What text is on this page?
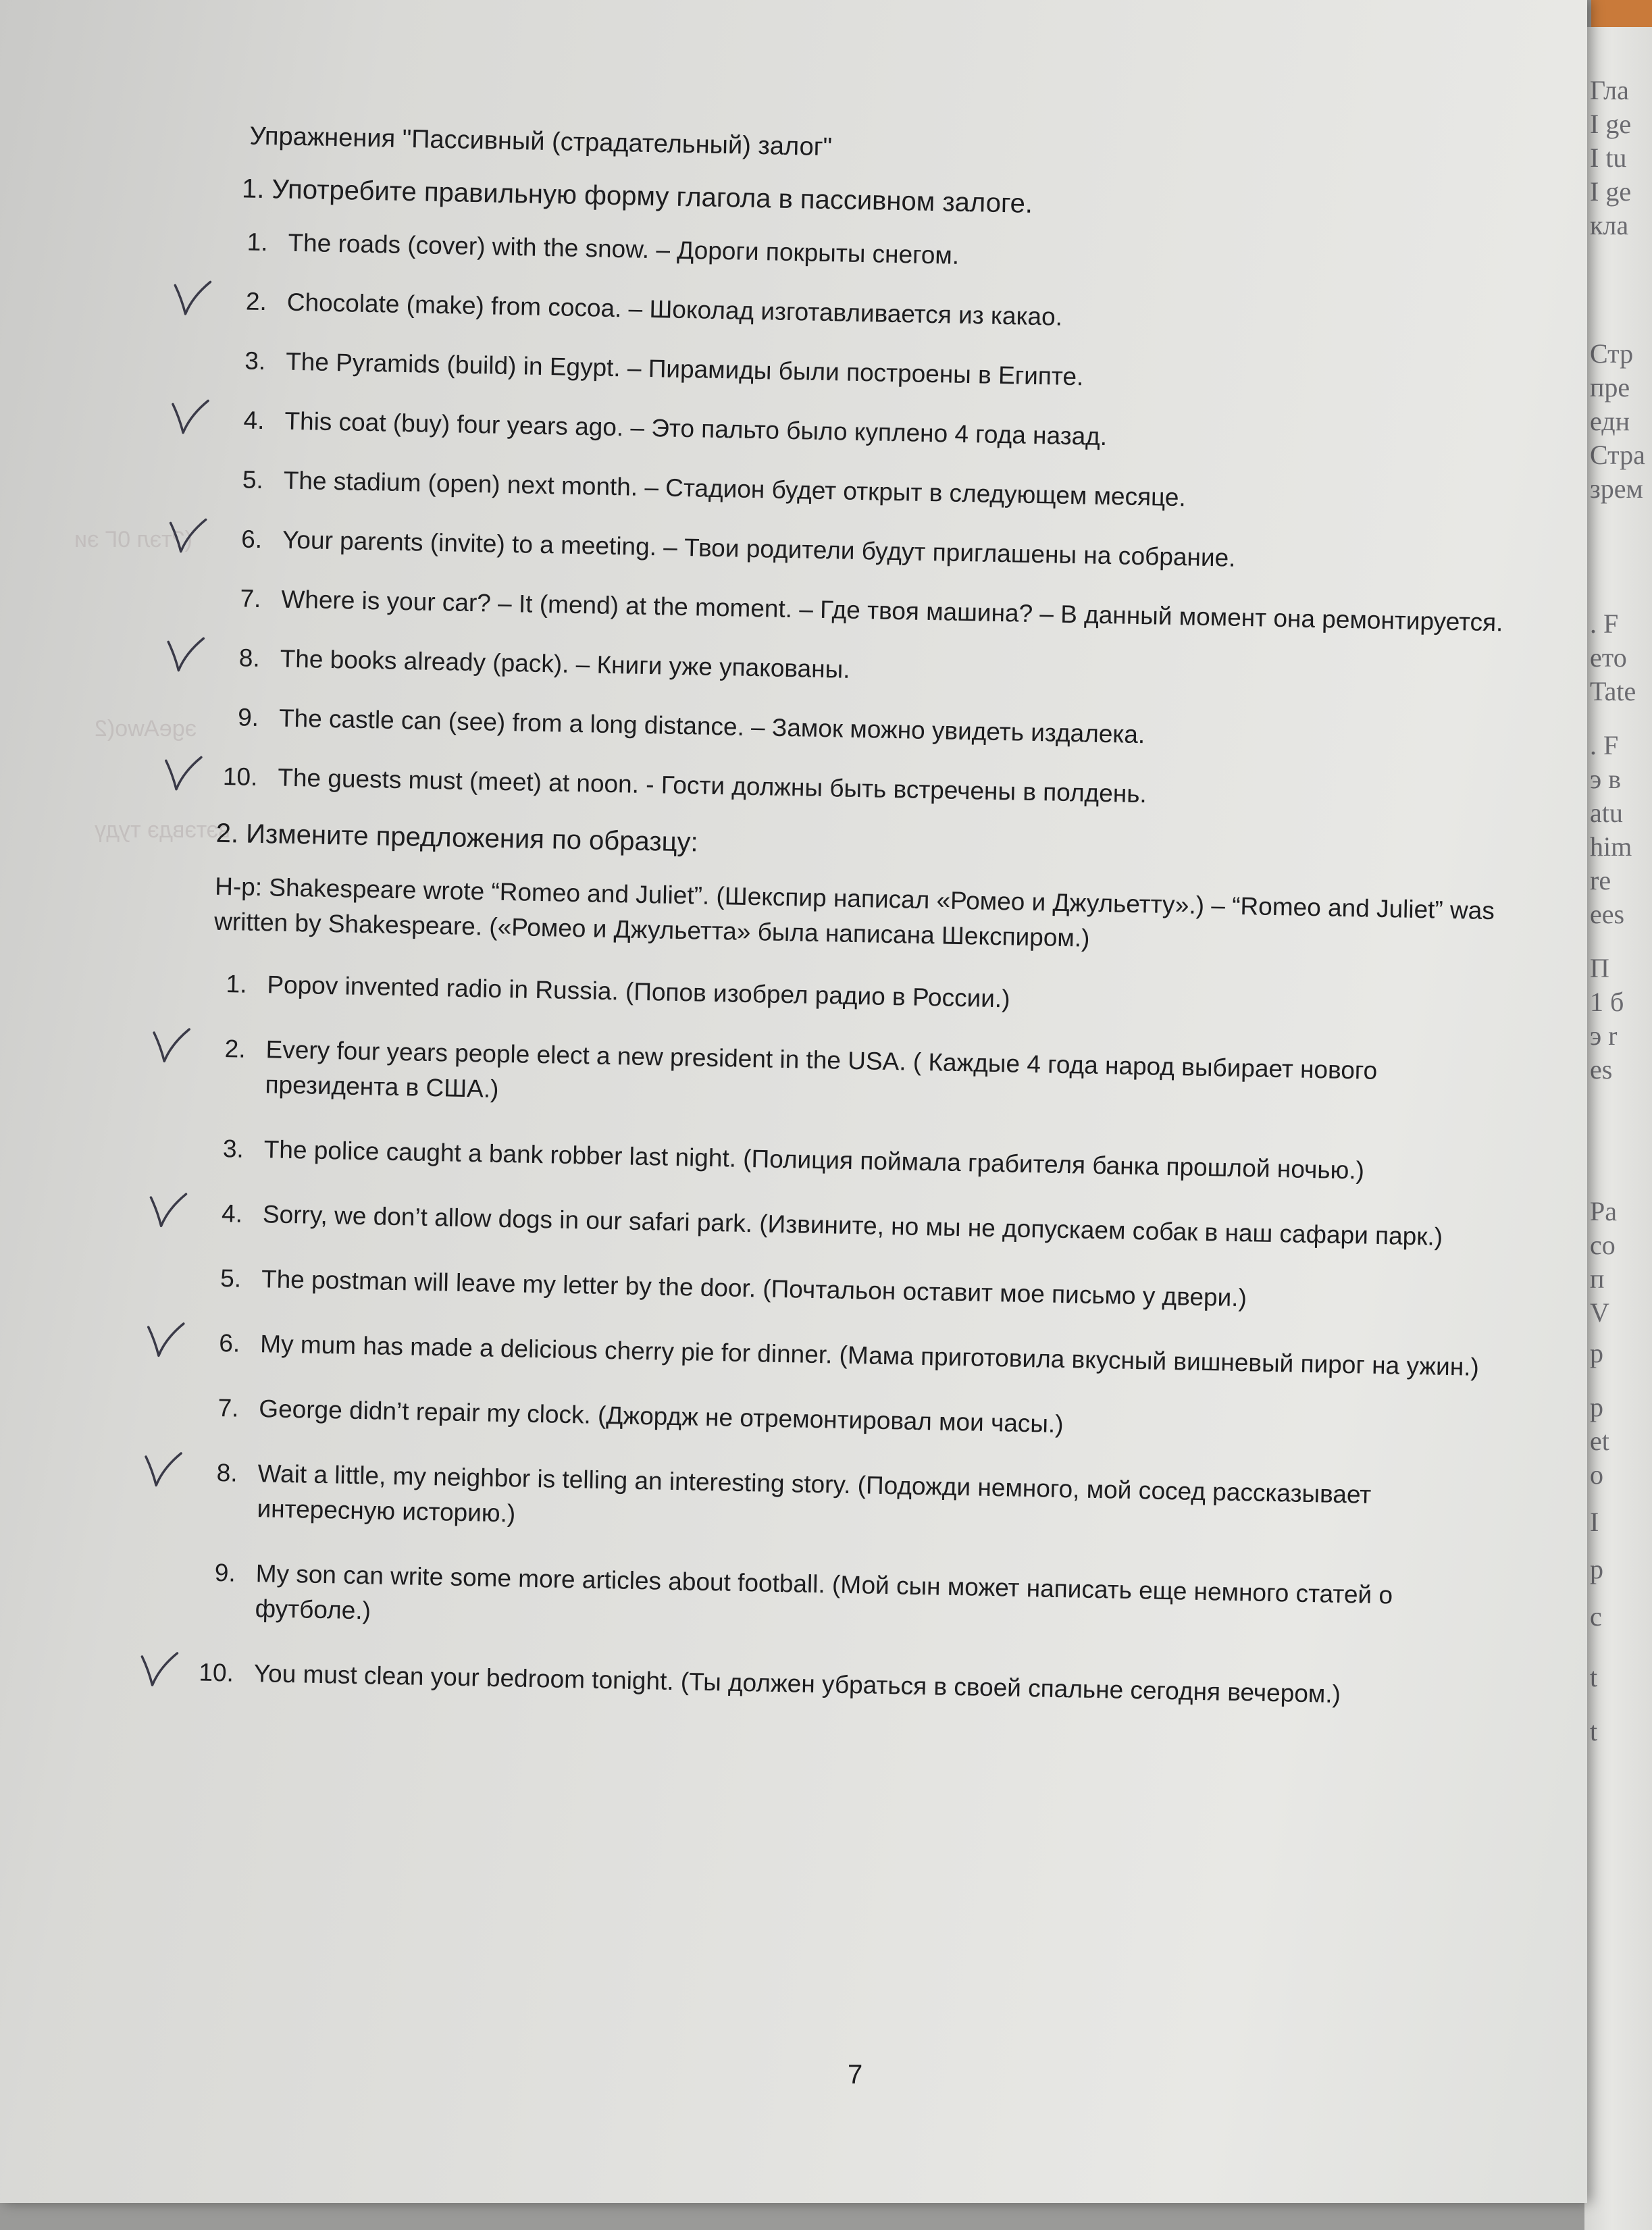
Гла
I ge
I tu
I ge
кла
Стр
пре
едн
Стра
зрем
. F
ето
Tate
. F
э в
atu
him
re
ees
П
1 б
э r
es
Pa
со
п
V
р
р
et
о
I
р
с
t
t
(?тэл 0Г эи
эgeAwo(2
вэтэвдэ тудү
Упражнения "Пассивный (страдательный) залог"
1. Употребите правильную форму глагола в пассивном залоге.
1. The roads (cover) with the snow. – Дороги покрыты снегом.
2. Chocolate (make) from cocoa. – Шоколад изготавливается из какао.
3. The Pyramids (build) in Egypt. – Пирамиды были построены в Египте.
4. This coat (buy) four years ago. – Это пальто было куплено 4 года назад.
5. The stadium (open) next month. – Стадион будет открыт в следующем месяце.
6. Your parents (invite) to a meeting. – Твои родители будут приглашены на собрание.
7. Where is your car? – It (mend) at the moment. – Где твоя машина? – В данный момент она ремонтируется.
8. The books already (pack). – Книги уже упакованы.
9. The castle can (see) from a long distance. – Замок можно увидеть издалека.
10. The guests must (meet) at noon. - Гости должны быть встречены в полдень.
2. Измените предложения по образцу:
Н-р: Shakespeare wrote “Romeo and Juliet”. (Шекспир написал «Ромео и Джульетту».) – “Romeo and Juliet” was written by Shakespeare. («Ромео и Джульетта» была написана Шекспиром.)
1. Popov invented radio in Russia. (Попов изобрел радио в России.)
2. Every four years people elect a new president in the USA. ( Каждые 4 года народ выбирает нового президента в США.)
3. The police caught a bank robber last night. (Полиция поймала грабителя банка прошлой ночью.)
4. Sorry, we don’t allow dogs in our safari park. (Извините, но мы не допускаем собак в наш сафари парк.)
5. The postman will leave my letter by the door. (Почтальон оставит мое письмо у двери.)
6. My mum has made a delicious cherry pie for dinner. (Мама приготовила вкусный вишневый пирог на ужин.)
7. George didn’t repair my clock. (Джордж не отремонтировал мои часы.)
8. Wait a little, my neighbor is telling an interesting story. (Подожди немного, мой сосед рассказывает интересную историю.)
9. My son can write some more articles about football. (Мой сын может написать еще немного статей о футболе.)
10. You must clean your bedroom tonight. (Ты должен убраться в своей спальне сегодня вечером.)
7
